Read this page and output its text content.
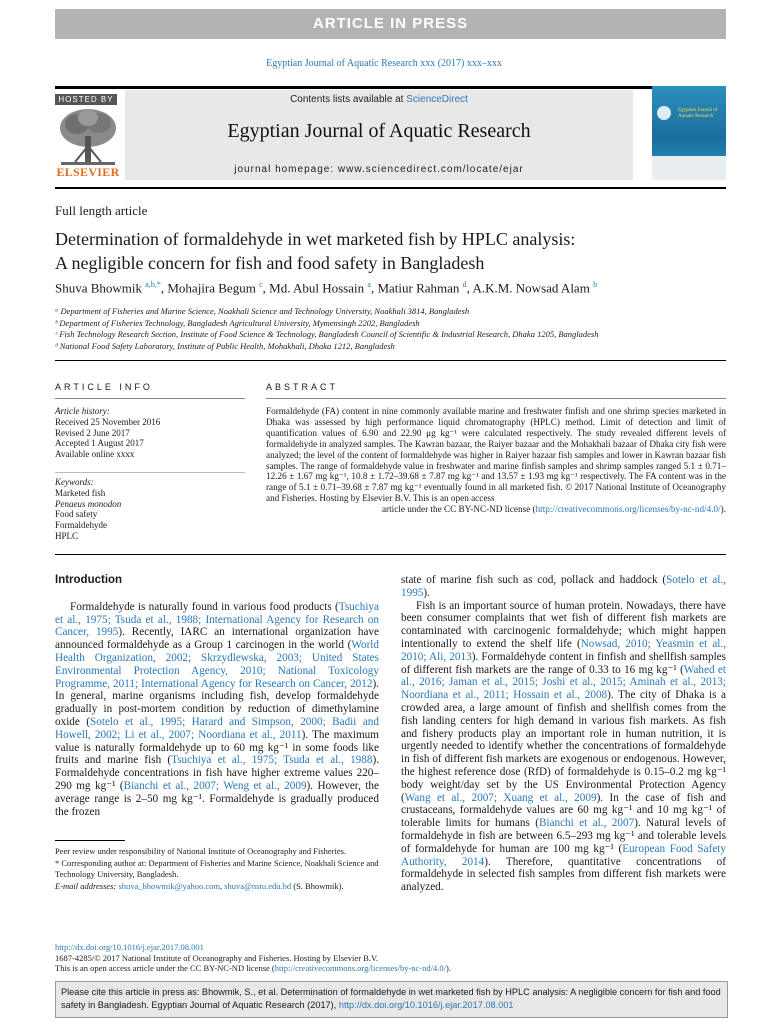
ARTICLE IN PRESS
Egyptian Journal of Aquatic Research xxx (2017) xxx–xxx
HOSTED BY
ELSEVIER
Contents lists available at ScienceDirect
Egyptian Journal of Aquatic Research
journal homepage: www.sciencedirect.com/locate/ejar
Egyptian Journal of Aquatic Research
Full length article
Determination of formaldehyde in wet marketed fish by HPLC analysis:
A negligible concern for fish and food safety in Bangladesh
Shuva Bhowmik $^{a,b,*}$, Mohajira Begum $^c$, Md. Abul Hossain $^a$, Matiur Rahman $^d$, A.K.M. Nowsad Alam $^b$
ᵃ Department of Fisheries and Marine Science, Noakhali Science and Technology University, Noakhali 3814, Bangladesh
ᵇ Department of Fisheries Technology, Bangladesh Agricultural University, Mymensingh 2202, Bangladesh
ᶜ Fish Technology Research Section, Institute of Food Science & Technology, Bangladesh Council of Scientific & Industrial Research, Dhaka 1205, Bangladesh
ᵈ National Food Safety Laboratory, Institute of Public Health, Mohakhali, Dhaka 1212, Bangladesh
ARTICLE INFO
Article history:
Received 25 November 2016
Revised 2 June 2017
Accepted 1 August 2017
Available online xxxx
Keywords:
Marketed fish
Penaeus monodon
Food safety
Formaldehyde
HPLC
ABSTRACT
Formaldehyde (FA) content in nine commonly available marine and freshwater finfish and one shrimp species marketed in Dhaka was assessed by high performance liquid chromatography (HPLC) method. Limit of detection and limit of quantification values of 6.90 and 22.90 μg kg⁻¹ were calculated respectively. The study revealed different levels of formaldehyde in analyzed samples. The Kawran bazaar, the Raiyer bazaar and the Mohakhali bazaar of Dhaka city fish were analyzed; the level of the content of formaldehyde was higher in Raiyer bazaar fish samples and lower in Kawran bazaar fish samples. The range of formaldehyde value in freshwater and marine finfish samples and shrimp samples ranged 5.1 ± 0.71–12.26 ± 1.67 mg kg⁻¹, 10.8 ± 1.72–39.68 ± 7.87 mg kg⁻¹ and 13.57 ± 1.93 mg kg⁻¹ respectively. The FA content was in the range of 5.1 ± 0.71–39.68 ± 7.87 mg kg⁻¹ eventually found in all marketed fish. © 2017 National Institute of Oceanography and Fisheries. Hosting by Elsevier B.V. This is an open access
article under the CC BY-NC-ND license (http://creativecommons.org/licenses/by-nc-nd/4.0/).
Introduction

Formaldehyde is naturally found in various food products (Tsuchiya et al., 1975; Tsuda et al., 1988; International Agency for Research on Cancer, 1995). Recently, IARC an international organization have announced formaldehyde as a Group 1 carcinogen in the world (World Health Organization, 2002; Skrzydlewska, 2003; United States Environmental Protection Agency, 2010; National Toxicology Programme, 2011; International Agency for Research on Cancer, 2012). In general, marine organisms including fish, develop formaldehyde gradually in post-mortem condition by reduction of dimethylamine oxide (Sotelo et al., 1995; Harard and Simpson, 2000; Badii and Howell, 2002; Li et al., 2007; Noordiana et al., 2011). The maximum value is naturally formaldehyde up to 60 mg kg⁻¹ in some foods like fruits and marine fish (Tsuchiya et al., 1975; Tsuda et al., 1988). Formaldehyde concentrations in fish have higher extreme values 220–290 mg kg⁻¹ (Bianchi et al., 2007; Weng et al., 2009). However, the average range is 2–50 mg kg⁻¹. Formaldehyde is gradually produced the frozen

state of marine fish such as cod, pollack and haddock (Sotelo et al., 1995).

Fish is an important source of human protein. Nowadays, there have been consumer complaints that wet fish of different fish markets are contaminated with carcinogenic formaldehyde; which might happen intentionally to extend the shelf life (Nowsad, 2010; Yeasmin et al., 2010; Ali, 2013). Formaldehyde content in finfish and shellfish samples of different fish markets are the range of 0.33 to 16 mg kg⁻¹ (Wahed et al., 2016; Jaman et al., 2015; Joshi et al., 2015; Aminah et al., 2013; Noordiana et al., 2011; Hossain et al., 2008). The city of Dhaka is a crowded area, a large amount of finfish and shellfish comes from the fish landing centers for high demand in various fish markets. As fish and fishery products play an important role in human nutrition, it is urgently needed to identify whether the concentrations of formaldehyde in fish of different fish markets are exogenous or endogenous. However, the highest reference dose (RfD) of formaldehyde is 0.15–0.2 mg kg⁻¹ body weight/day set by the US Environmental Protection Agency (Wang et al., 2007; Xuang et al., 2009). In the case of fish and crustaceans, formaldehyde values are 60 mg kg⁻¹ and 10 mg kg⁻¹ of tolerable limits for humans (Bianchi et al., 2007). Natural levels of formaldehyde in fish are between 6.5–293 mg kg⁻¹ and tolerable levels of formaldehyde for human are 100 mg kg⁻¹ (European Food Safety Authority, 2014). Therefore, quantitative concentrations of formaldehyde in selected fish samples from different fish markets were analyzed.

Peer review under responsibility of National Institute of Oceanography and Fisheries.

* Corresponding author at: Department of Fisheries and Marine Science, Noakhali Science and Technology University, Bangladesh.

E-mail addresses: shuva_bhowmik@yahoo.com, shuva@nstu.edu.bd (S. Bhowmik).

http://dx.doi.org/10.1016/j.ejar.2017.08.001
1687-4285/© 2017 National Institute of Oceanography and Fisheries. Hosting by Elsevier B.V.
This is an open access article under the CC BY-NC-ND license (http://creativecommons.org/licenses/by-nc-nd/4.0/).
Please cite this article in press as: Bhowmik, S., et al. Determination of formaldehyde in wet marketed fish by HPLC analysis: A negligible concern for fish and food safety in Bangladesh. Egyptian Journal of Aquatic Research (2017), http://dx.doi.org/10.1016/j.ejar.2017.08.001
